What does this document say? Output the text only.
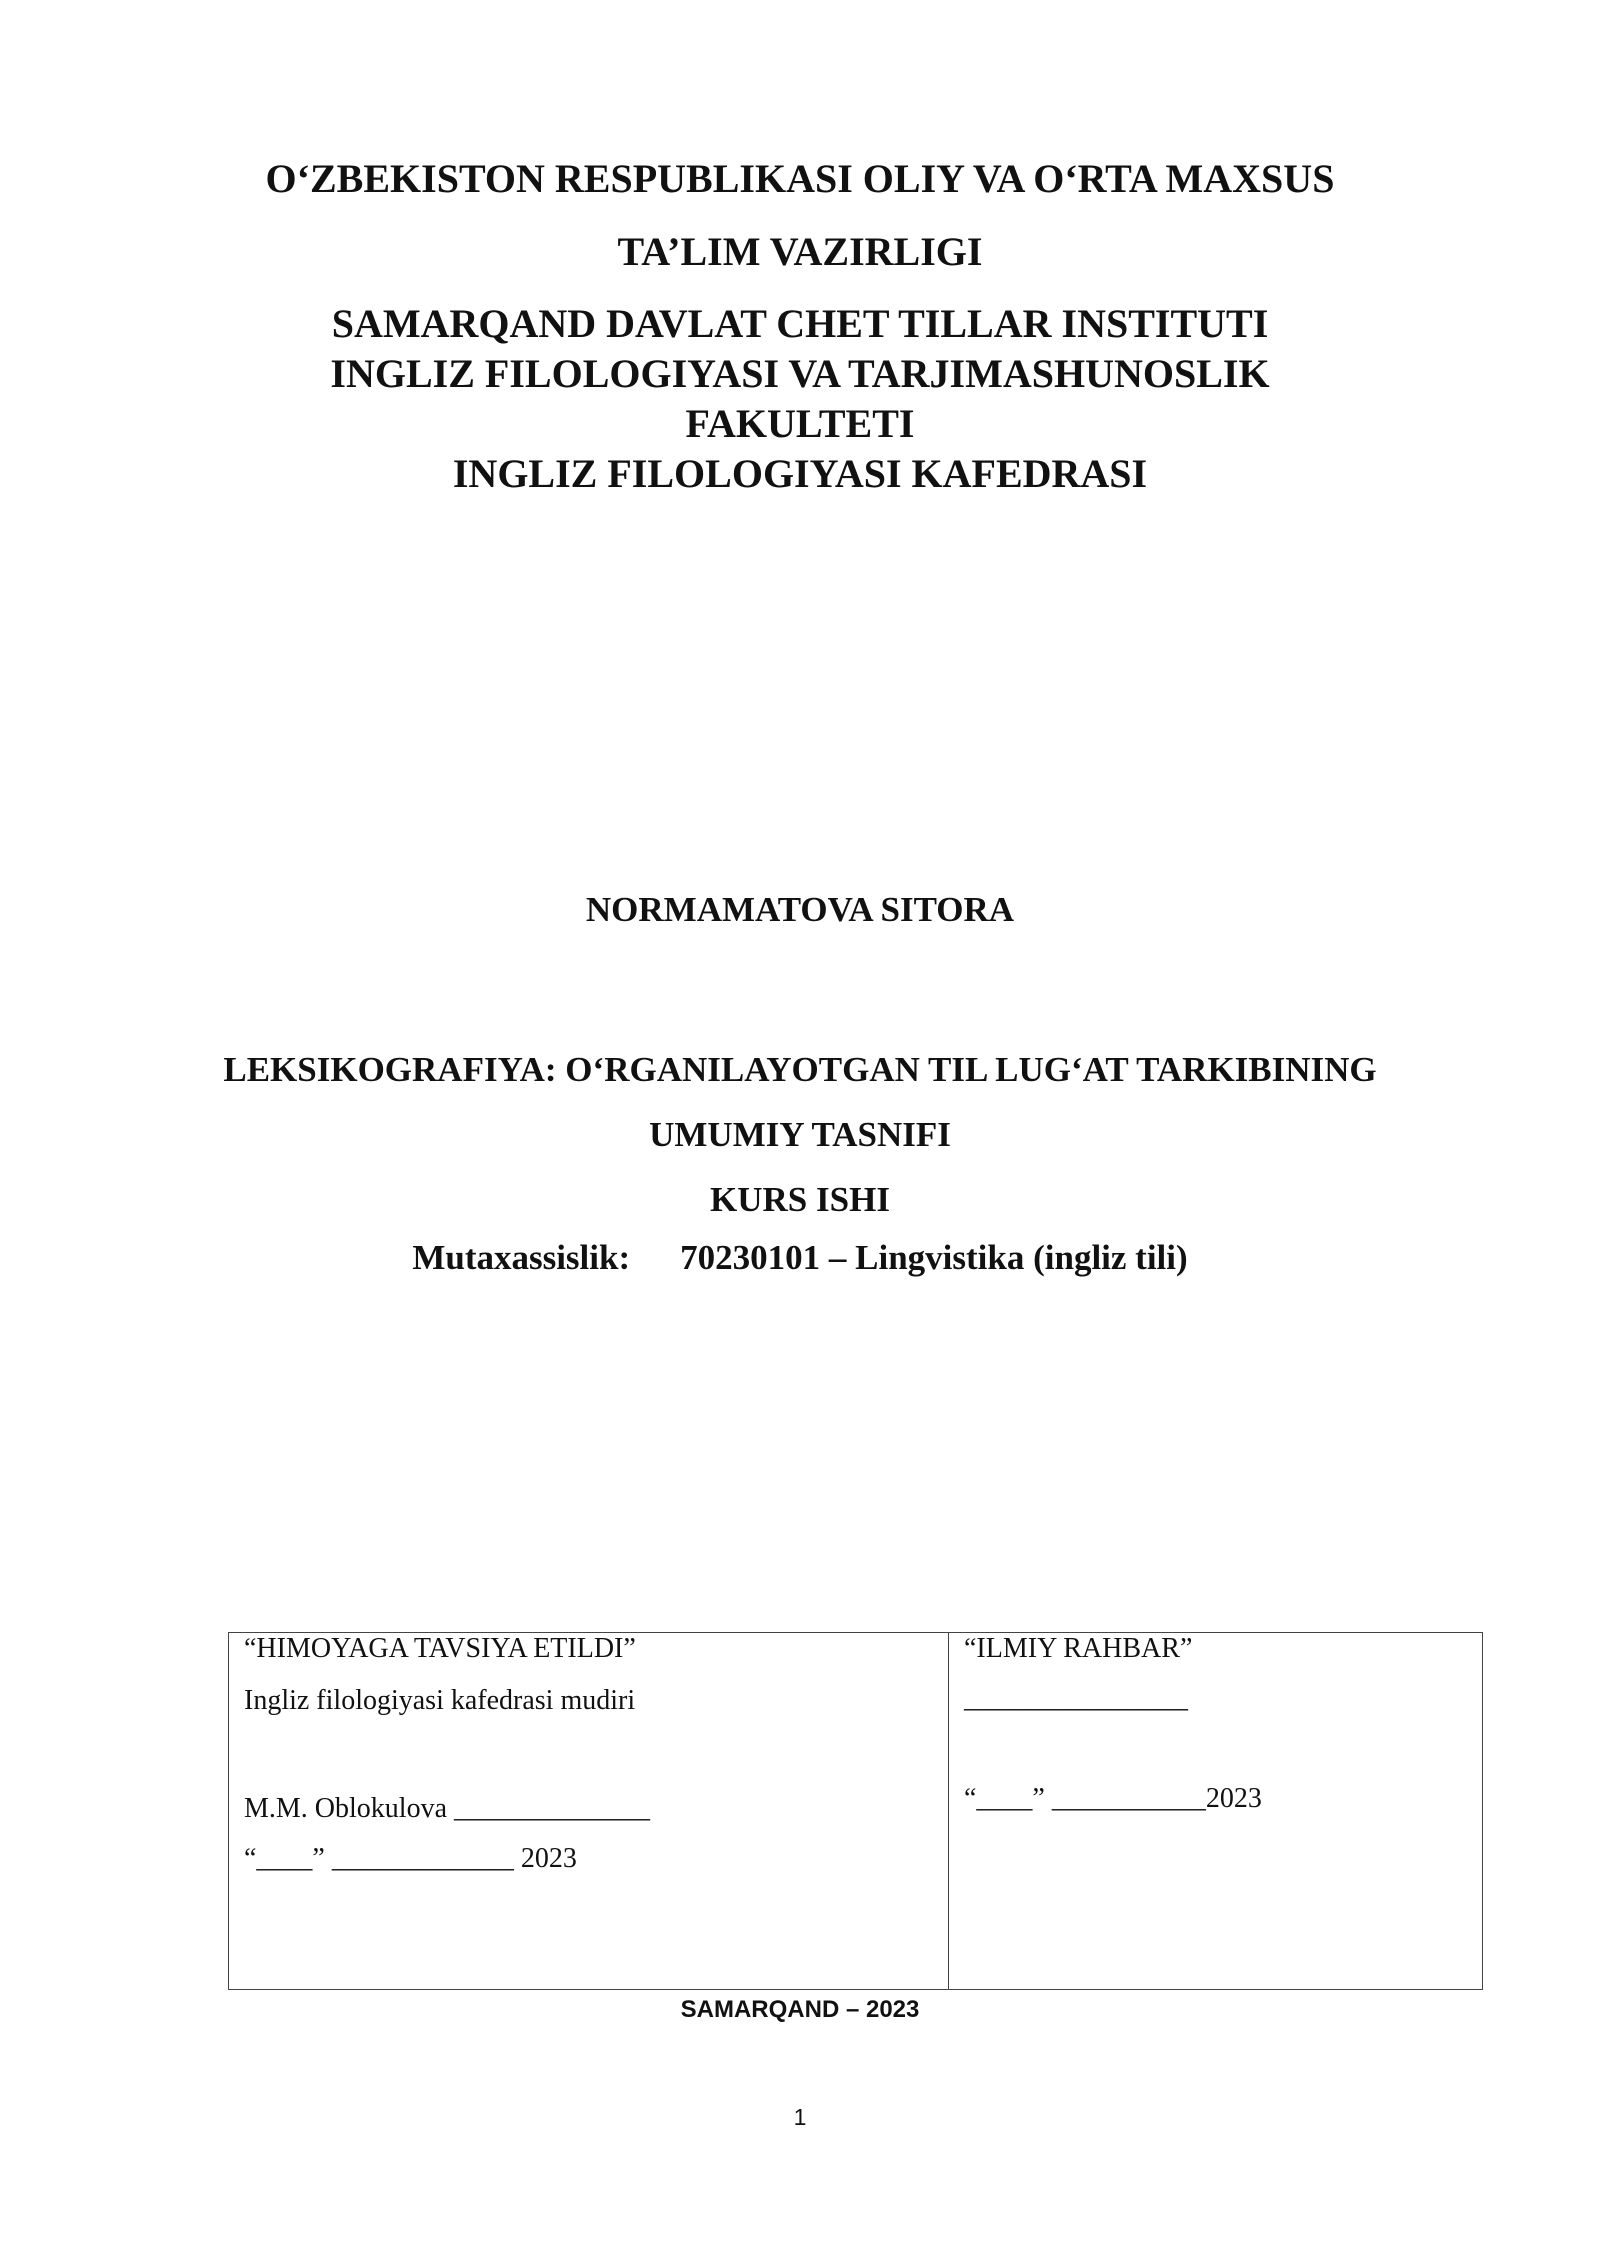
O‘ZBEKISTON RESPUBLIKASI OLIY VA O‘RTA MAXSUS
TA’LIM VAZIRLIGI
SAMARQAND DAVLAT CHET TILLAR INSTITUTI
INGLIZ FILOLOGIYASI VA TARJIMASHUNOSLIK
FAKULTETI
INGLIZ FILOLOGIYASI KAFEDRASI
NORMAMATOVA SITORA
LEKSIKOGRAFIYA: O‘RGANILAYOTGAN TIL LUG‘AT TARKIBINING
UMUMIY TASNIFI
KURS ISHI
Mutaxassislik: 70230101 – Lingvistika (ingliz tili)
“HIMOYAGA TAVSIYA ETILDI”
Ingliz filologiyasi kafedrasi mudiri
M.M. Oblokulova ______________
“____” _____________ 2023
“ILMIY RAHBAR”
________________
“____” ___________2023
SAMARQAND – 2023
1
